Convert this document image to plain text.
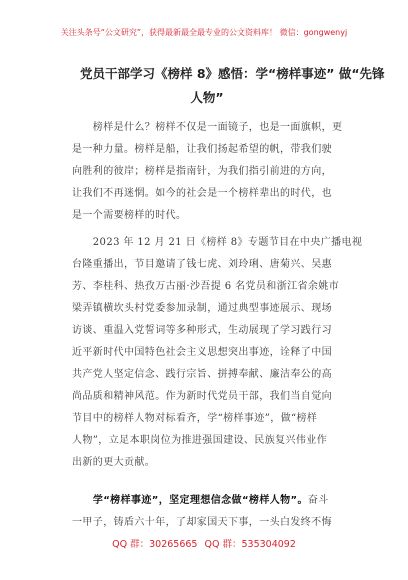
关注头条号“公文研究”，获得最新最全最专业的公文资料库！ 微信：gongwenyj
党员干部学习《榜样 8》感悟：学“榜样事迹” 做“先锋
人物”
　　榜样是什么？榜样不仅是一面镜子，也是一面旗帜，更
是一种力量。榜样是船，让我们扬起希望的帆，带我们驶
向胜利的彼岸；榜样是指南针，为我们指引前进的方向，
让我们不再迷惘。如今的社会是一个榜样辈出的时代，也
是一个需要榜样的时代。
　　2023 年 12 月 21 日《榜样 8》专题节目在中央广播电视
台隆重播出，节目邀请了钱七虎、刘玲琍、唐菊兴、吴惠
芳、李桂科、热孜万古丽·沙吾提 6 名党员和浙江省余姚市
梁弄镇横坎头村党委参加录制，通过典型事迹展示、现场
访谈、重温入党誓词等多种形式，生动展现了学习践行习
近平新时代中国特色社会主义思想突出事迹，诠释了中国
共产党人坚定信念、践行宗旨、拼搏奉献、廉洁奉公的高
尚品质和精神风范。作为新时代党员干部，我们当自觉向
节目中的榜样人物对标看齐，学“榜样事迹”，做“榜样
人物”，立足本职岗位为推进强国建设、民族复兴伟业作
出新的更大贡献。
　　学“榜样事迹”，坚定理想信念做“榜样人物”。奋斗
一甲子，铸盾六十年，了却家国天下事，一头白发终不悔
QQ 群：30265665 QQ 群：535304092
